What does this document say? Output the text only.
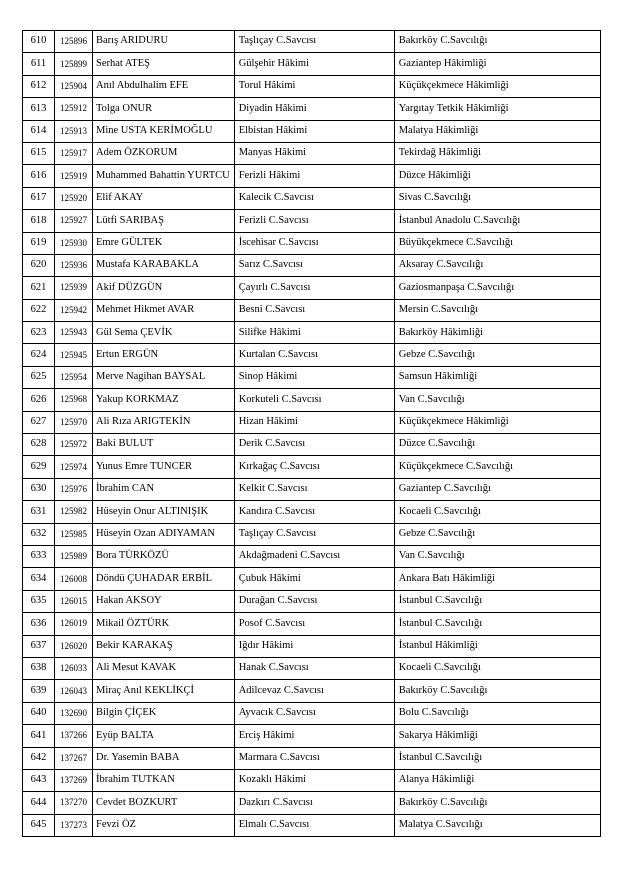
610	125896	Barış ARIDURU	Taşlıçay C.Savcısı	Bakırköy C.Savcılığı
611	125899	Serhat ATEŞ	Gülşehir Hâkimi	Gaziantep Hâkimliği
612	125904	Anıl Abdulhalim EFE	Torul Hâkimi	Küçükçekmece Hâkimliği
613	125912	Tolga ONUR	Diyadin Hâkimi	Yargıtay Tetkik Hâkimliği
614	125913	Mine USTA KERİMOĞLU	Elbistan Hâkimi	Malatya Hâkimliği
615	125917	Adem ÖZKORUM	Manyas Hâkimi	Tekirdağ Hâkimliği
616	125919	Muhammed Bahattin YURTCU	Ferizli Hâkimi	Düzce Hâkimliği
617	125920	Elif AKAY	Kalecik C.Savcısı	Sivas C.Savcılığı
618	125927	Lütfi SARIBAŞ	Ferizli C.Savcısı	İstanbul Anadolu C.Savcılığı
619	125930	Emre GÜLTEK	İscehisar C.Savcısı	Büyükçekmece C.Savcılığı
620	125936	Mustafa KARABAKLA	Sarız C.Savcısı	Aksaray C.Savcılığı
621	125939	Akif DÜZGÜN	Çayırlı C.Savcısı	Gaziosmanpaşa C.Savcılığı
622	125942	Mehmet Hikmet AVAR	Besni C.Savcısı	Mersin C.Savcılığı
623	125943	Gül Sema ÇEVİK	Silifke Hâkimi	Bakırköy Hâkimliği
624	125945	Ertun ERGÜN	Kurtalan C.Savcısı	Gebze C.Savcılığı
625	125954	Merve Nagihan BAYSAL	Sinop Hâkimi	Samsun Hâkimliği
626	125968	Yakup KORKMAZ	Korkuteli C.Savcısı	Van C.Savcılığı
627	125970	Ali Rıza ARIGTEKİN	Hizan Hâkimi	Küçükçekmece Hâkimliği
628	125972	Baki BULUT	Derik C.Savcısı	Düzce C.Savcılığı
629	125974	Yunus Emre TUNCER	Kırkağaç C.Savcısı	Küçükçekmece C.Savcılığı
630	125976	İbrahim CAN	Kelkit C.Savcısı	Gaziantep C.Savcılığı
631	125982	Hüseyin Onur ALTINIŞIK	Kandıra C.Savcısı	Kocaeli C.Savcılığı
632	125985	Hüseyin Ozan ADIYAMAN	Taşlıçay C.Savcısı	Gebze C.Savcılığı
633	125989	Bora TÜRKÖZÜ	Akdağmadeni C.Savcısı	Van C.Savcılığı
634	126008	Döndü ÇUHADAR ERBİL	Çubuk Hâkimi	Ankara Batı Hâkimliği
635	126015	Hakan AKSOY	Durağan C.Savcısı	İstanbul C.Savcılığı
636	126019	Mikail ÖZTÜRK	Posof C.Savcısı	İstanbul C.Savcılığı
637	126020	Bekir KARAKAŞ	Iğdır Hâkimi	İstanbul Hâkimliği
638	126033	Ali Mesut KAVAK	Hanak C.Savcısı	Kocaeli C.Savcılığı
639	126043	Miraç Anıl KEKLİKÇİ	Adilcevaz C.Savcısı	Bakırköy C.Savcılığı
640	132690	Bilgin ÇİÇEK	Ayvacık C.Savcısı	Bolu C.Savcılığı
641	137266	Eyüp BALTA	Erciş Hâkimi	Sakarya Hâkimliği
642	137267	Dr. Yasemin BABA	Marmara C.Savcısı	İstanbul C.Savcılığı
643	137269	İbrahim TUTKAN	Kozaklı Hâkimi	Alanya Hâkimliği
644	137270	Cevdet BOZKURT	Dazkırı C.Savcısı	Bakırköy C.Savcılığı
645	137273	Fevzi ÖZ	Elmalı C.Savcısı	Malatya C.Savcılığı
